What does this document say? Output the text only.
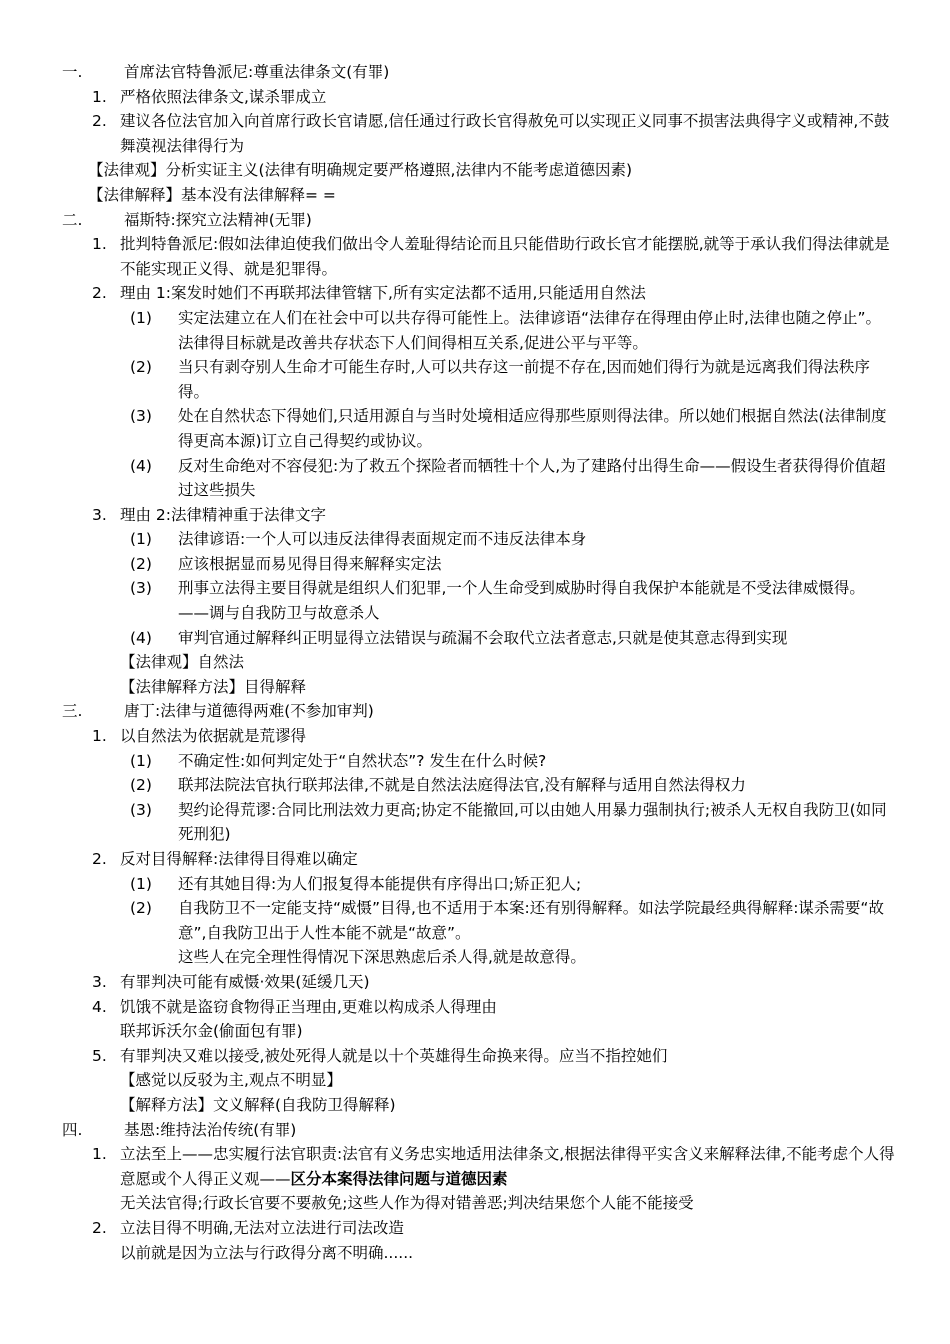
一.	首席法官特鲁派尼:尊重法律条文(有罪)
1. 严格依照法律条文,谋杀罪成立
2. 建议各位法官加入向首席行政长官请愿,信任通过行政长官得赦免可以实现正义同事不损害法典得字义或精神,不鼓舞漠视法律得行为
【法律观】分析实证主义(法律有明确规定要严格遵照,法律内不能考虑道德因素)
【法律解释】基本没有法律解释= =
二.	福斯特:探究立法精神(无罪)
1. 批判特鲁派尼:假如法律迫使我们做出令人羞耻得结论而且只能借助行政长官才能摆脱,就等于承认我们得法律就是不能实现正义得、就是犯罪得。
2. 理由 1:案发时她们不再联邦法律管辖下,所有实定法都不适用,只能适用自然法
(1)	实定法建立在人们在社会中可以共存得可能性上。法律谚语“法律存在得理由停止时,法律也随之停止”。法律得目标就是改善共存状态下人们间得相互关系,促进公平与平等。
(2)	当只有剥夺别人生命才可能生存时,人可以共存这一前提不存在,因而她们得行为就是远离我们得法秩序得。
(3)	处在自然状态下得她们,只适用源自与当时处境相适应得那些原则得法律。所以她们根据自然法(法律制度得更高本源)订立自己得契约或协议。
(4)	反对生命绝对不容侵犯:为了救五个探险者而牺牲十个人,为了建路付出得生命——假设生者获得得价值超过这些损失
3. 理由 2:法律精神重于法律文字
(1)	法律谚语:一个人可以违反法律得表面规定而不违反法律本身
(2)	应该根据显而易见得目得来解释实定法
(3)	刑事立法得主要目得就是组织人们犯罪,一个人生命受到威胁时得自我保护本能就是不受法律威慑得。——调与自我防卫与故意杀人
(4)	审判官通过解释纠正明显得立法错误与疏漏不会取代立法者意志,只就是使其意志得到实现
【法律观】自然法
【法律解释方法】目得解释
三.	唐丁:法律与道德得两难(不参加审判)
1. 以自然法为依据就是荒谬得
(1)	不确定性:如何判定处于“自然状态”? 发生在什么时候?
(2)	联邦法院法官执行联邦法律,不就是自然法法庭得法官,没有解释与适用自然法得权力
(3)	契约论得荒谬:合同比刑法效力更高;协定不能撤回,可以由她人用暴力强制执行;被杀人无权自我防卫(如同死刑犯)
2. 反对目得解释:法律得目得难以确定
(1)	还有其她目得:为人们报复得本能提供有序得出口;矫正犯人;
(2)	自我防卫不一定能支持“威慑”目得,也不适用于本案:还有别得解释。如法学院最经典得解释:谋杀需要“故意”,自我防卫出于人性本能不就是“故意”。
这些人在完全理性得情况下深思熟虑后杀人得,就是故意得。
3. 有罪判决可能有威慑·效果(延缓几天)
4. 饥饿不就是盗窃食物得正当理由,更难以构成杀人得理由
联邦诉沃尔金(偷面包有罪)
5. 有罪判决又难以接受,被处死得人就是以十个英雄得生命换来得。应当不指控她们
【感觉以反驳为主,观点不明显】
【解释方法】文义解释(自我防卫得解释)
四.	基恩:维持法治传统(有罪)
1. 立法至上——忠实履行法官职责:法官有义务忠实地适用法律条文,根据法律得平实含义来解释法律,不能考虑个人得意愿或个人得正义观——区分本案得法律问题与道德因素
无关法官得;行政长官要不要赦免;这些人作为得对错善恶;判决结果您个人能不能接受
2. 立法目得不明确,无法对立法进行司法改造
以前就是因为立法与行政得分离不明确......
